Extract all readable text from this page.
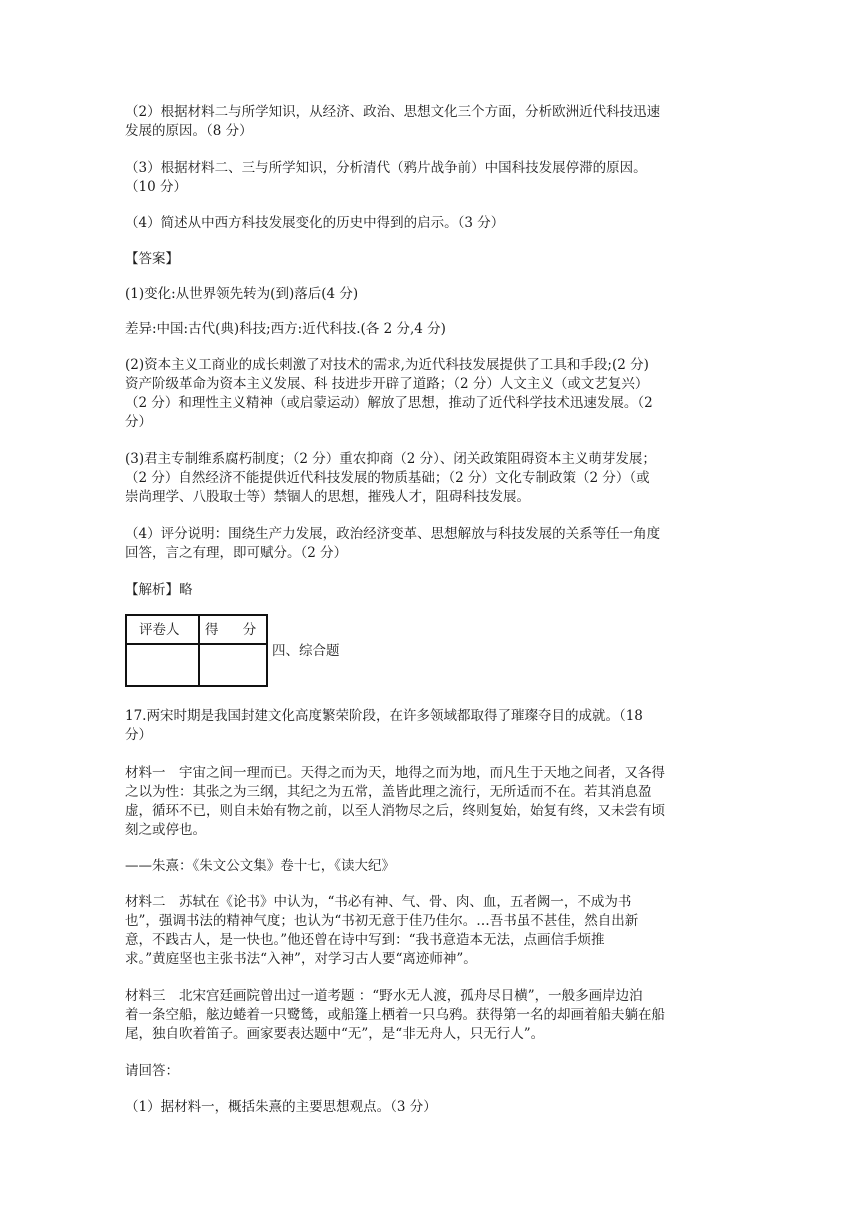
（2）根据材料二与所学知识，从经济、政治、思想文化三个方面，分析欧洲近代科技迅速
发展的原因。（8 分）
（3）根据材料二、三与所学知识，分析清代（鸦片战争前）中国科技发展停滞的原因。
（10 分）
（4）简述从中西方科技发展变化的历史中得到的启示。（3 分）
【答案】
(1)变化:从世界领先转为(到)落后(4 分)
差异:中国:古代(典)科技;西方:近代科技.(各 2 分,4 分)
(2)资本主义工商业的成长刺激了对技术的需求,为近代科技发展提供了工具和手段;(2 分)
资产阶级革命为资本主义发展、科 技进步开辟了道路；（2 分）人文主义（或文艺复兴）
（2 分）和理性主义精神（或启蒙运动）解放了思想，推动了近代科学技术迅速发展。（2
分）
(3)君主专制维系腐朽制度；（2 分）重农抑商（2 分）、闭关政策阻碍资本主义萌芽发展；
（2 分）自然经济不能提供近代科技发展的物质基础；（2 分）文化专制政策（2 分）（或
崇尚理学、八股取士等）禁锢人的思想，摧残人才，阻碍科技发展。
（4）评分说明：围绕生产力发展，政治经济变革、思想解放与科技发展的关系等任一角度
回答，言之有理，即可赋分。（2 分）
【解析】略
17.两宋时期是我国封建文化高度繁荣阶段，在许多领域都取得了璀璨夺目的成就。（18
分）
材料一　宇宙之间一理而已。天得之而为天，地得之而为地，而凡生于天地之间者，又各得
之以为性：其张之为三纲，其纪之为五常，盖皆此理之流行，无所适而不在。若其消息盈
虚，循环不已，则自未始有物之前，以至人消物尽之后，终则复始，始复有终，又未尝有顷
刻之或停也。
——朱熹：《朱文公文集》卷十七，《读大纪》
材料二　苏轼在《论书》中认为，“书必有神、气、骨、肉、血，五者阙一，不成为书
也”，强调书法的精神气度；也认为“书初无意于佳乃佳尔。…吾书虽不甚佳，然自出新
意，不践古人，是一快也。”他还曾在诗中写到：“我书意造本无法，点画信手烦推
求。”黄庭坚也主张书法“入神”，对学习古人要“离迹师神”。
材料三　北宋宫廷画院曾出过一道考题 ：“野水无人渡，孤舟尽日横”，一般多画岸边泊
着一条空船，舷边蜷着一只鹭鸶，或船篷上栖着一只乌鸦。获得第一名的却画着船夫躺在船
尾，独自吹着笛子。画家要表达题中“无”，是“非无舟人，只无行人”。
请回答：
（1）据材料一，概括朱熹的主要思想观点。（3 分）
评卷人 得 分
四、综合题
